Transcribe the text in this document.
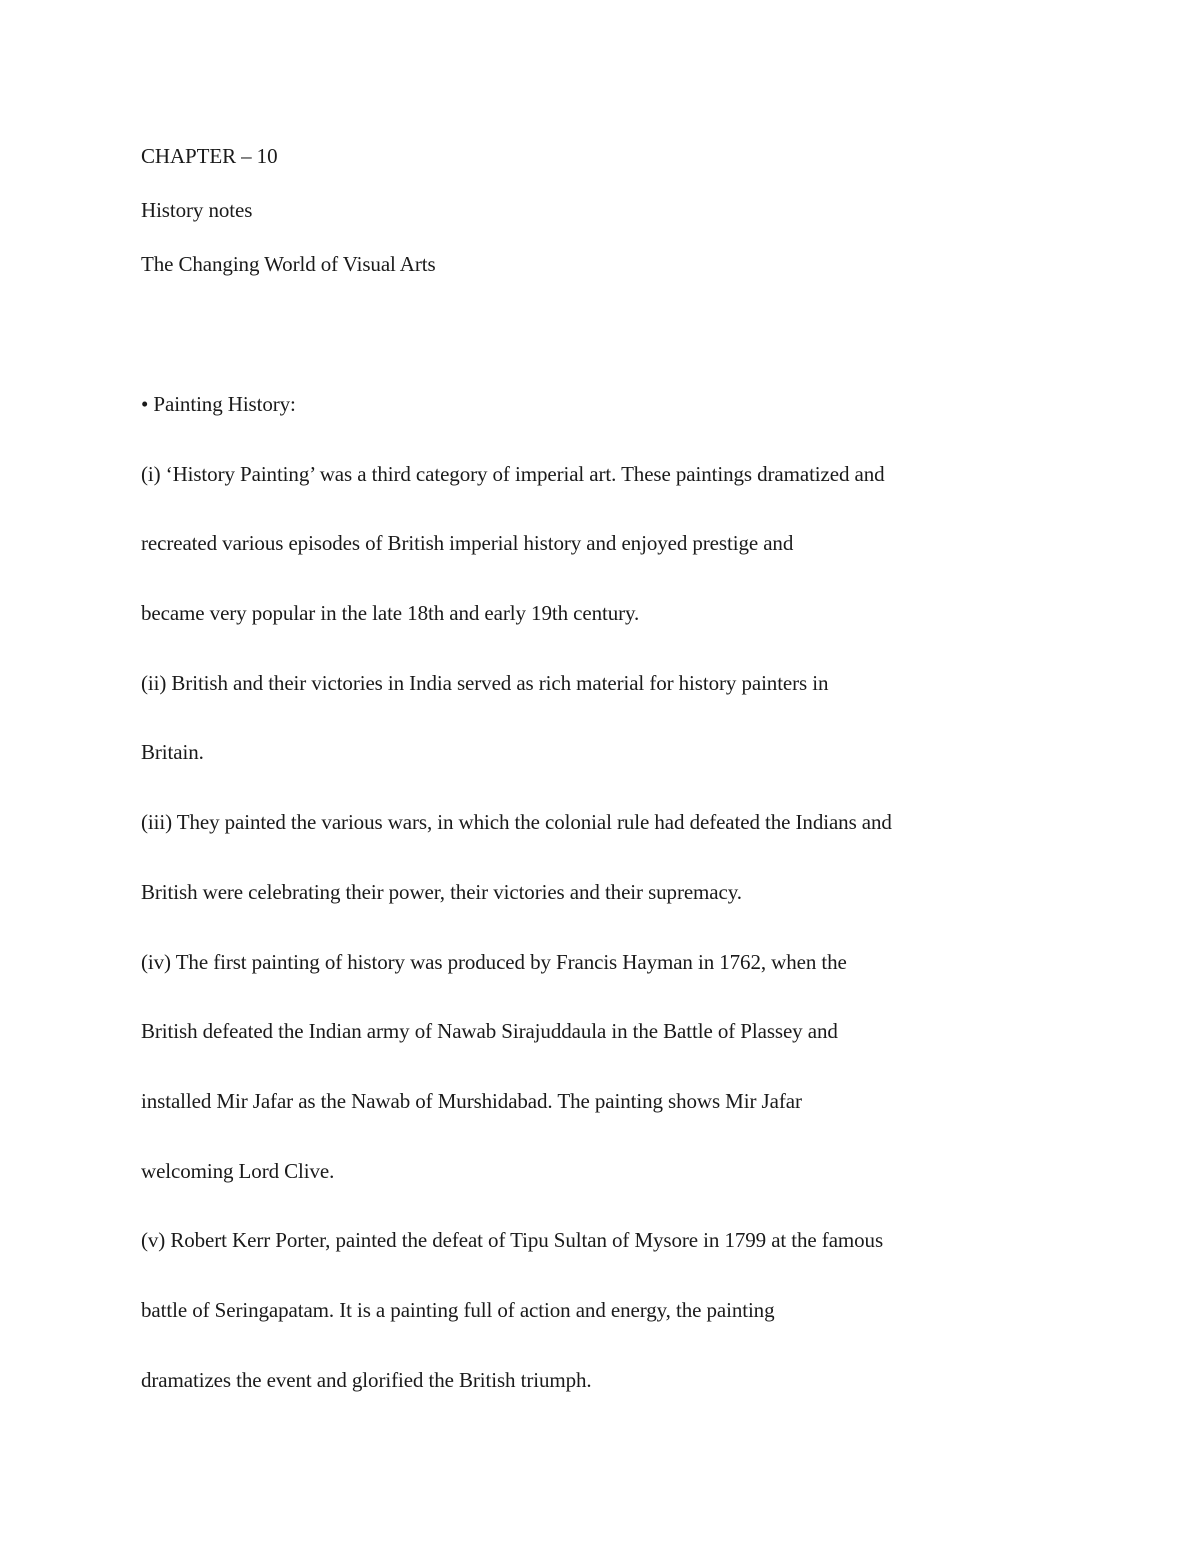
CHAPTER – 10
History notes
The Changing World of Visual Arts
• Painting History:
(i) ‘History Painting’ was a third category of imperial art. These paintings dramatized and
recreated various episodes of British imperial history and enjoyed prestige and
became very popular in the late 18th and early 19th century.
(ii) British and their victories in India served as rich material for history painters in
Britain.
(iii) They painted the various wars, in which the colonial rule had defeated the Indians and
British were celebrating their power, their victories and their supremacy.
(iv) The first painting of history was produced by Francis Hayman in 1762, when the
British defeated the Indian army of Nawab Sirajuddaula in the Battle of Plassey and
installed Mir Jafar as the Nawab of Murshidabad. The painting shows Mir Jafar
welcoming Lord Clive.
(v) Robert Kerr Porter, painted the defeat of Tipu Sultan of Mysore in 1799 at the famous
battle of Seringapatam. It is a painting full of action and energy, the painting
dramatizes the event and glorified the British triumph.
